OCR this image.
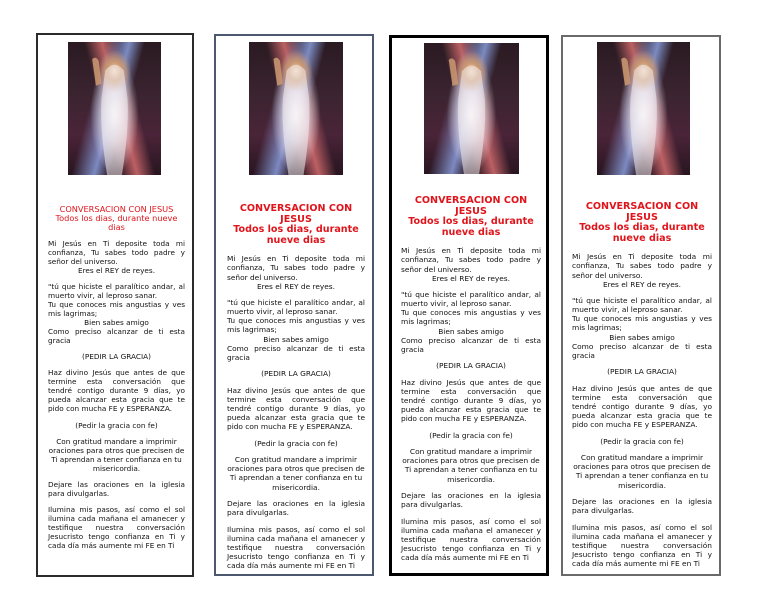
CONVERSACION CON JESUS
Todos los dias, durante nueve dias

Mi Jesús en Ti deposite toda mi confianza, Tu sabes todo padre y señor del universo.

Eres el REY de reyes.

"tú que hiciste el paralítico andar, al muerto vivir, al leproso sanar.

Tu que conoces mis angustias y ves mis lagrimas;

Bien sabes amigo

Como preciso alcanzar de ti esta gracia

(PEDIR LA GRACIA)

Haz divino Jesús que antes de que termine esta conversación que tendré contigo durante 9 días, yo pueda alcanzar esta gracia que te pido con mucha FE y ESPERANZA.

(Pedir la gracia con fe)

Con gratitud mandare a imprimir oraciones para otros que precisen de Ti aprendan a tener confianza en tu misericordia.

Dejare las oraciones en la iglesia para divulgarlas.

Ilumina mis pasos, así como el sol ilumina cada mañana el amanecer y testifique nuestra conversación Jesucristo tengo confianza en Ti y cada día más aumente mi FE en Ti

CONVERSACION CON JESUS
Todos los dias, durante nueve dias

Mi Jesús en Ti deposite toda mi confianza, Tu sabes todo padre y señor del universo.

Eres el REY de reyes.

"tú que hiciste el paralítico andar, al muerto vivir, al leproso sanar.

Tu que conoces mis angustias y ves mis lagrimas;

Bien sabes amigo

Como preciso alcanzar de ti esta gracia

(PEDIR LA GRACIA)

Haz divino Jesús que antes de que termine esta conversación que tendré contigo durante 9 días, yo pueda alcanzar esta gracia que te pido con mucha FE y ESPERANZA.

(Pedir la gracia con fe)

Con gratitud mandare a imprimir oraciones para otros que precisen de Ti aprendan a tener confianza en tu misericordia.

Dejare las oraciones en la iglesia para divulgarlas.

Ilumina mis pasos, así como el sol ilumina cada mañana el amanecer y testifique nuestra conversación Jesucristo tengo confianza en Ti y cada día más aumente mi FE en Ti

CONVERSACION CON JESUS
Todos los dias, durante nueve dias

Mi Jesús en Ti deposite toda mi confianza, Tu sabes todo padre y señor del universo.

Eres el REY de reyes.

"tú que hiciste el paralítico andar, al muerto vivir, al leproso sanar.

Tu que conoces mis angustias y ves mis lagrimas;

Bien sabes amigo

Como preciso alcanzar de ti esta gracia

(PEDIR LA GRACIA)

Haz divino Jesús que antes de que termine esta conversación que tendré contigo durante 9 días, yo pueda alcanzar esta gracia que te pido con mucha FE y ESPERANZA.

(Pedir la gracia con fe)

Con gratitud mandare a imprimir oraciones para otros que precisen de Ti aprendan a tener confianza en tu misericordia.

Dejare las oraciones en la iglesia para divulgarlas.

Ilumina mis pasos, así como el sol ilumina cada mañana el amanecer y testifique nuestra conversación Jesucristo tengo confianza en Ti y cada día más aumente mi FE en Ti

CONVERSACION CON JESUS
Todos los dias, durante nueve dias

Mi Jesús en Ti deposite toda mi confianza, Tu sabes todo padre y señor del universo.

Eres el REY de reyes.

"tú que hiciste el paralítico andar, al muerto vivir, al leproso sanar.

Tu que conoces mis angustias y ves mis lagrimas;

Bien sabes amigo

Como preciso alcanzar de ti esta gracia

(PEDIR LA GRACIA)

Haz divino Jesús que antes de que termine esta conversación que tendré contigo durante 9 días, yo pueda alcanzar esta gracia que te pido con mucha FE y ESPERANZA.

(Pedir la gracia con fe)

Con gratitud mandare a imprimir oraciones para otros que precisen de Ti aprendan a tener confianza en tu misericordia.

Dejare las oraciones en la iglesia para divulgarlas.

Ilumina mis pasos, así como el sol ilumina cada mañana el amanecer y testifique nuestra conversación Jesucristo tengo confianza en Ti y cada día más aumente mi FE en Ti
